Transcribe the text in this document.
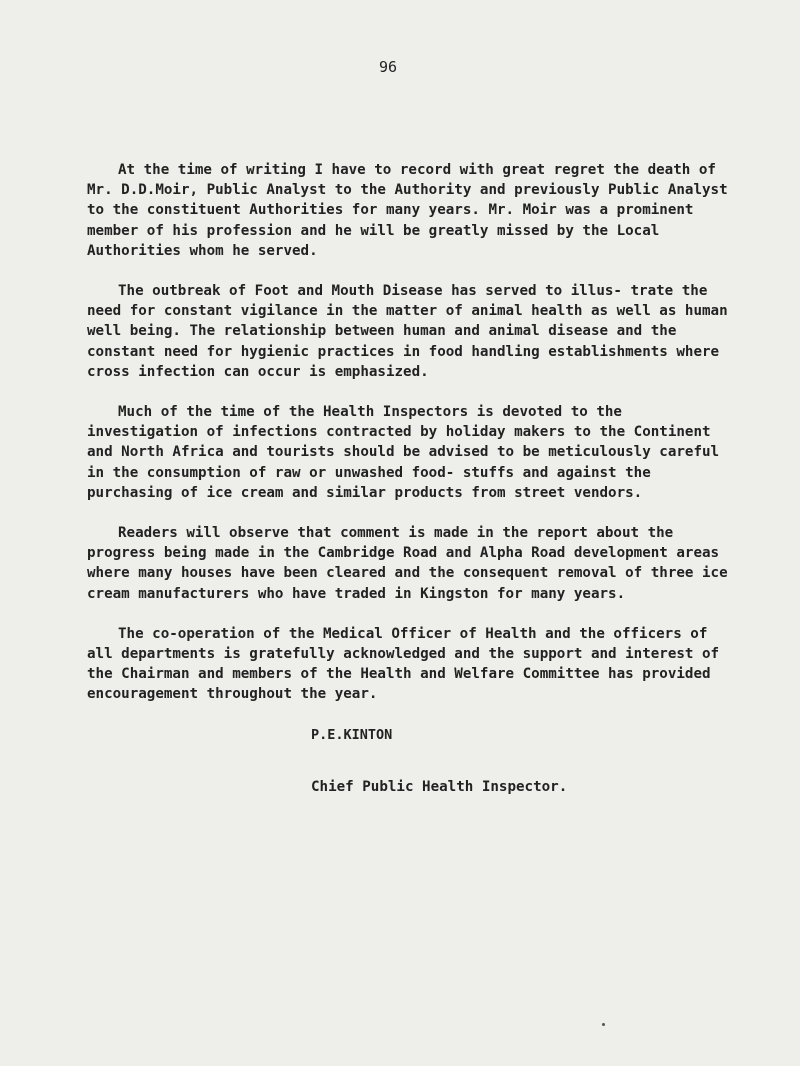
96

At the time of writing I have to record with great regret the death of Mr. D.D.Moir, Public Analyst to the Authority and previously Public Analyst to the constituent Authorities for many years. Mr. Moir was a prominent member of his profession and he will be greatly missed by the Local Authorities whom he served.

The outbreak of Foot and Mouth Disease has served to illus- trate the need for constant vigilance in the matter of animal health as well as human well being. The relationship between human and animal disease and the constant need for hygienic practices in food handling establishments where cross infection can occur is emphasized.

Much of the time of the Health Inspectors is devoted to the investigation of infections contracted by holiday makers to the Continent and North Africa and tourists should be advised to be meticulously careful in the consumption of raw or unwashed food- stuffs and against the purchasing of ice cream and similar products from street vendors.

Readers will observe that comment is made in the report about the progress being made in the Cambridge Road and Alpha Road development areas where many houses have been cleared and the consequent removal of three ice cream manufacturers who have traded in Kingston for many years.

The co-operation of the Medical Officer of Health and the officers of all departments is gratefully acknowledged and the support and interest of the Chairman and members of the Health and Welfare Committee has provided encouragement throughout the year.

P.E.KINTON
Chief Public Health Inspector.
